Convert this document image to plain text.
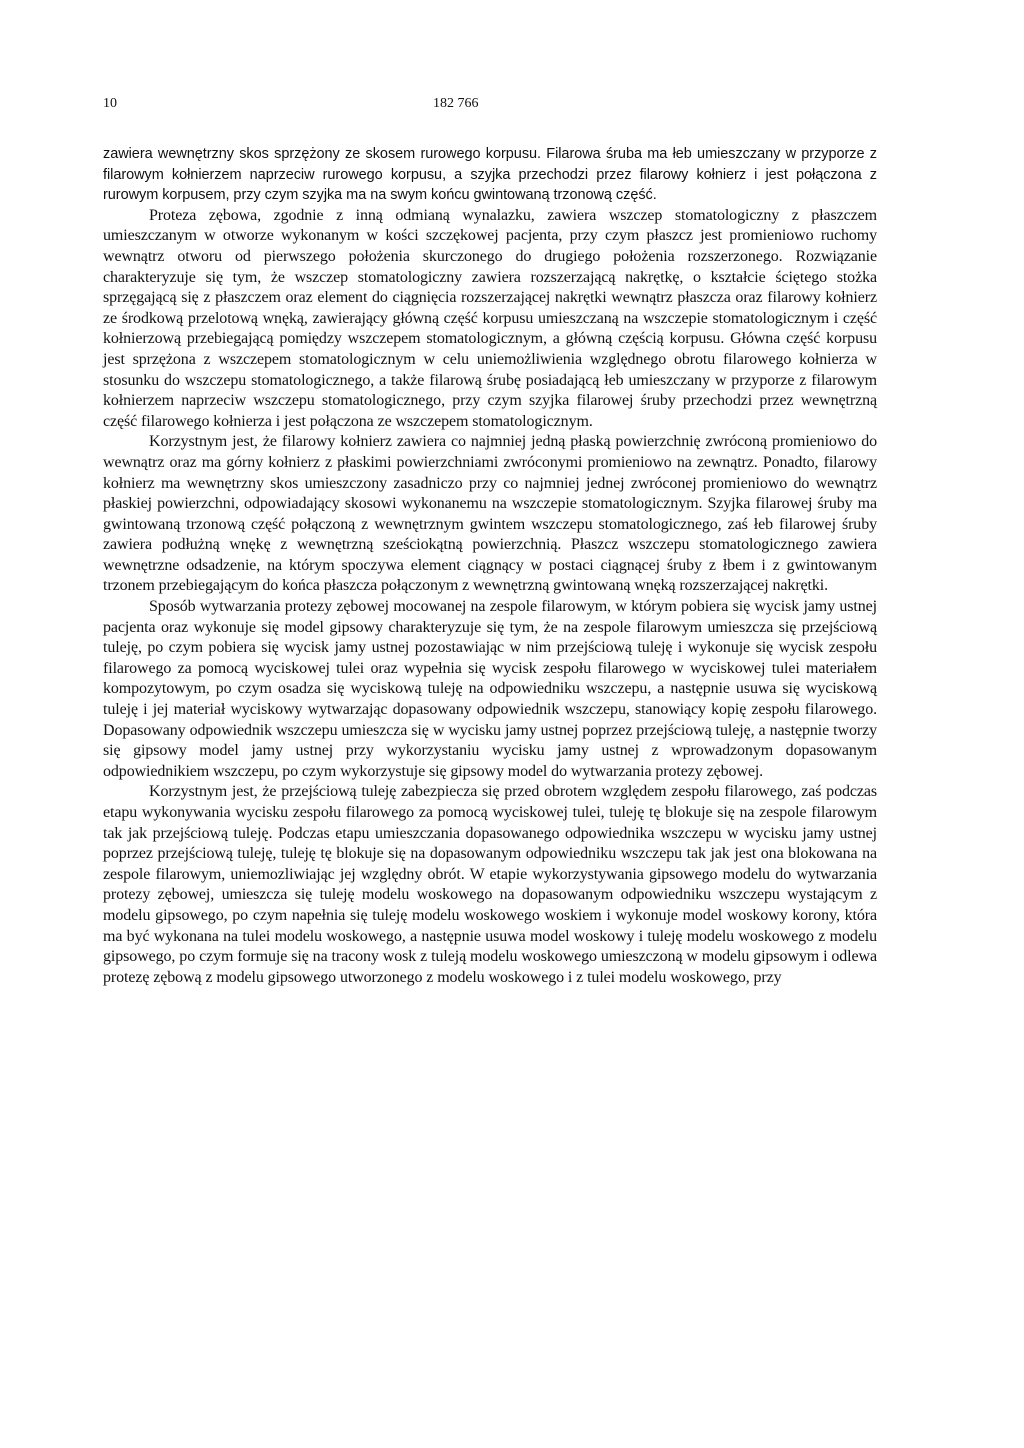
10	182 766

zawiera wewnętrzny skos sprzężony ze skosem rurowego korpusu. Filarowa śruba ma łeb umieszczany w przyporze z filarowym kołnierzem naprzeciw rurowego korpusu, a szyjka przechodzi przez filarowy kołnierz i jest połączona z rurowym korpusem, przy czym szyjka ma na swym końcu gwintowaną trzonową część.

Proteza zębowa, zgodnie z inną odmianą wynalazku, zawiera wszczep stomatologiczny z płaszczem umieszczanym w otworze wykonanym w kości szczękowej pacjenta, przy czym płaszcz jest promieniowo ruchomy wewnątrz otworu od pierwszego położenia skurczonego do drugiego położenia rozszerzonego. Rozwiązanie charakteryzuje się tym, że wszczep stomatologiczny zawiera rozszerzającą nakrętkę, o kształcie ściętego stożka sprzęgającą się z płaszczem oraz element do ciągnięcia rozszerzającej nakrętki wewnątrz płaszcza oraz filarowy kołnierz ze środkową przelotową wnęką, zawierający główną część korpusu umieszczaną na wszczepie stomatologicznym i część kołnierzową przebiegającą pomiędzy wszczepem stomatologicznym, a główną częścią korpusu. Główna część korpusu jest sprzężona z wszczepem stomatologicznym w celu uniemożliwienia względnego obrotu filarowego kołnierza w stosunku do wszczepu stomatologicznego, a także filarową śrubę posiadającą łeb umieszczany w przyporze z filarowym kołnierzem naprzeciw wszczepu stomatologicznego, przy czym szyjka filarowej śruby przechodzi przez wewnętrzną część filarowego kołnierza i jest połączona ze wszczepem stomatologicznym.

Korzystnym jest, że filarowy kołnierz zawiera co najmniej jedną płaską powierzchnię zwróconą promieniowo do wewnątrz oraz ma górny kołnierz z płaskimi powierzchniami zwróconymi promieniowo na zewnątrz. Ponadto, filarowy kołnierz ma wewnętrzny skos umieszczony zasadniczo przy co najmniej jednej zwróconej promieniowo do wewnątrz płaskiej powierzchni, odpowiadający skosowi wykonanemu na wszczepie stomatologicznym. Szyjka filarowej śruby ma gwintowaną trzonową część połączoną z wewnętrznym gwintem wszczepu stomatologicznego, zaś łeb filarowej śruby zawiera podłużną wnękę z wewnętrzną sześciokątną powierzchnią. Płaszcz wszczepu stomatologicznego zawiera wewnętrzne odsadzenie, na którym spoczywa element ciągnący w postaci ciągnącej śruby z łbem i z gwintowanym trzonem przebiegającym do końca płaszcza połączonym z wewnętrzną gwintowaną wnęką rozszerzającej nakrętki.

Sposób wytwarzania protezy zębowej mocowanej na zespole filarowym, w którym pobiera się wycisk jamy ustnej pacjenta oraz wykonuje się model gipsowy charakteryzuje się tym, że na zespole filarowym umieszcza się przejściową tuleję, po czym pobiera się wycisk jamy ustnej pozostawiając w nim przejściową tuleję i wykonuje się wycisk zespołu filarowego za pomocą wyciskowej tulei oraz wypełnia się wycisk zespołu filarowego w wyciskowej tulei materiałem kompozytowym, po czym osadza się wyciskową tuleję na odpowiedniku wszczepu, a następnie usuwa się wyciskową tuleję i jej materiał wyciskowy wytwarzając dopasowany odpowiednik wszczepu, stanowiący kopię zespołu filarowego. Dopasowany odpowiednik wszczepu umieszcza się w wycisku jamy ustnej poprzez przejściową tuleję, a następnie tworzy się gipsowy model jamy ustnej przy wykorzystaniu wycisku jamy ustnej z wprowadzonym dopasowanym odpowiednikiem wszczepu, po czym wykorzystuje się gipsowy model do wytwarzania protezy zębowej.

Korzystnym jest, że przejściową tuleję zabezpiecza się przed obrotem względem zespołu filarowego, zaś podczas etapu wykonywania wycisku zespołu filarowego za pomocą wyciskowej tulei, tuleję tę blokuje się na zespole filarowym tak jak przejściową tuleję. Podczas etapu umieszczania dopasowanego odpowiednika wszczepu w wycisku jamy ustnej poprzez przejściową tuleję, tuleję tę blokuje się na dopasowanym odpowiedniku wszczepu tak jak jest ona blokowana na zespole filarowym, uniemozliwiając jej względny obrót. W etapie wykorzystywania gipsowego modelu do wytwarzania protezy zębowej, umieszcza się tuleję modelu woskowego na dopasowanym odpowiedniku wszczepu wystającym z modelu gipsowego, po czym napełnia się tuleję modelu woskowego woskiem i wykonuje model woskowy korony, która ma być wykonana na tulei modelu woskowego, a następnie usuwa model woskowy i tuleję modelu woskowego z modelu gipsowego, po czym formuje się na tracony wosk z tuleją modelu woskowego umieszczoną w modelu gipsowym i odlewa protezę zębową z modelu gipsowego utworzonego z modelu woskowego i z tulei modelu woskowego, przy
